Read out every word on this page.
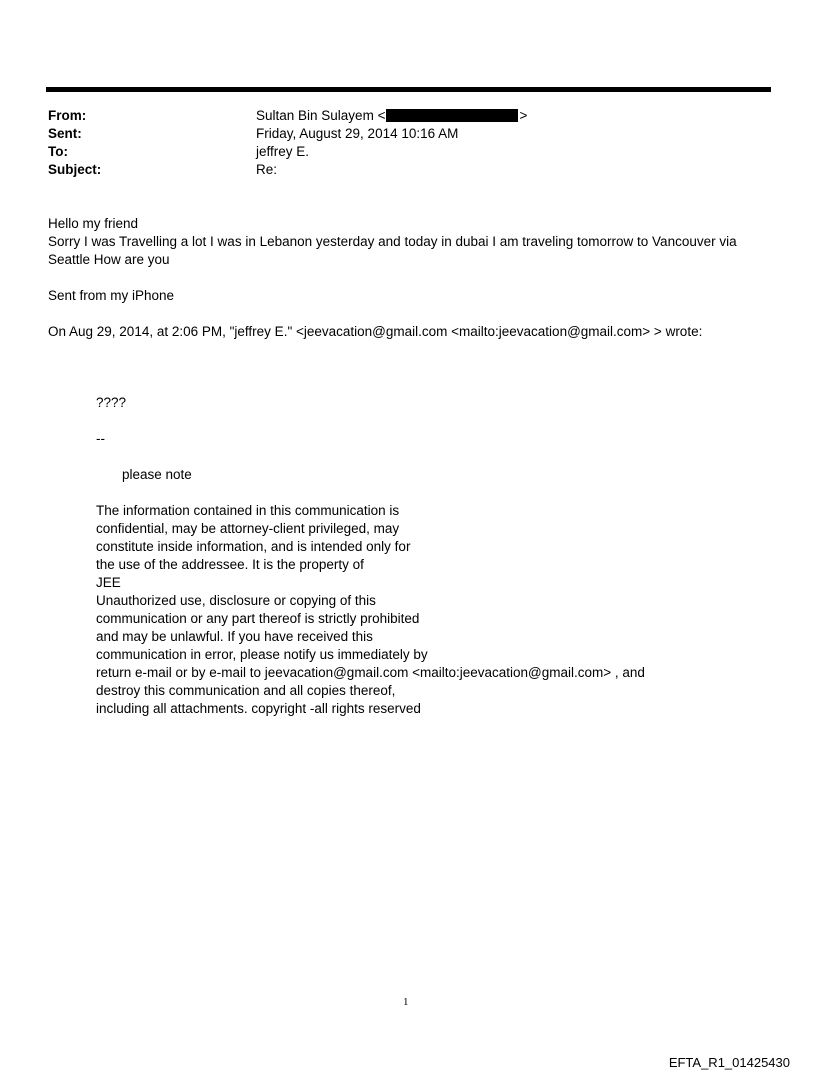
From:	Sultan Bin Sulayem <	>
Sent:	Friday, August 29, 2014 10:16 AM
To:	jeffrey E.
Subject:	Re:
Hello my friend
Sorry I was Travelling a lot I was in Lebanon yesterday and today in dubai I am traveling tomorrow to Vancouver via
Seattle How are you
Sent from my iPhone
On Aug 29, 2014, at 2:06 PM, "jeffrey E." <jeevacation@gmail.com <mailto:jeevacation@gmail.com> > wrote:
????
--
please note
The information contained in this communication is
confidential, may be attorney-client privileged, may
constitute inside information, and is intended only for
the use of the addressee. It is the property of
JEE
Unauthorized use, disclosure or copying of this
communication or any part thereof is strictly prohibited
and may be unlawful. If you have received this
communication in error, please notify us immediately by
return e-mail or by e-mail to jeevacation@gmail.com <mailto:jeevacation@gmail.com> , and
destroy this communication and all copies thereof,
including all attachments. copyright -all rights reserved
1
EFTA_R1_01425430
